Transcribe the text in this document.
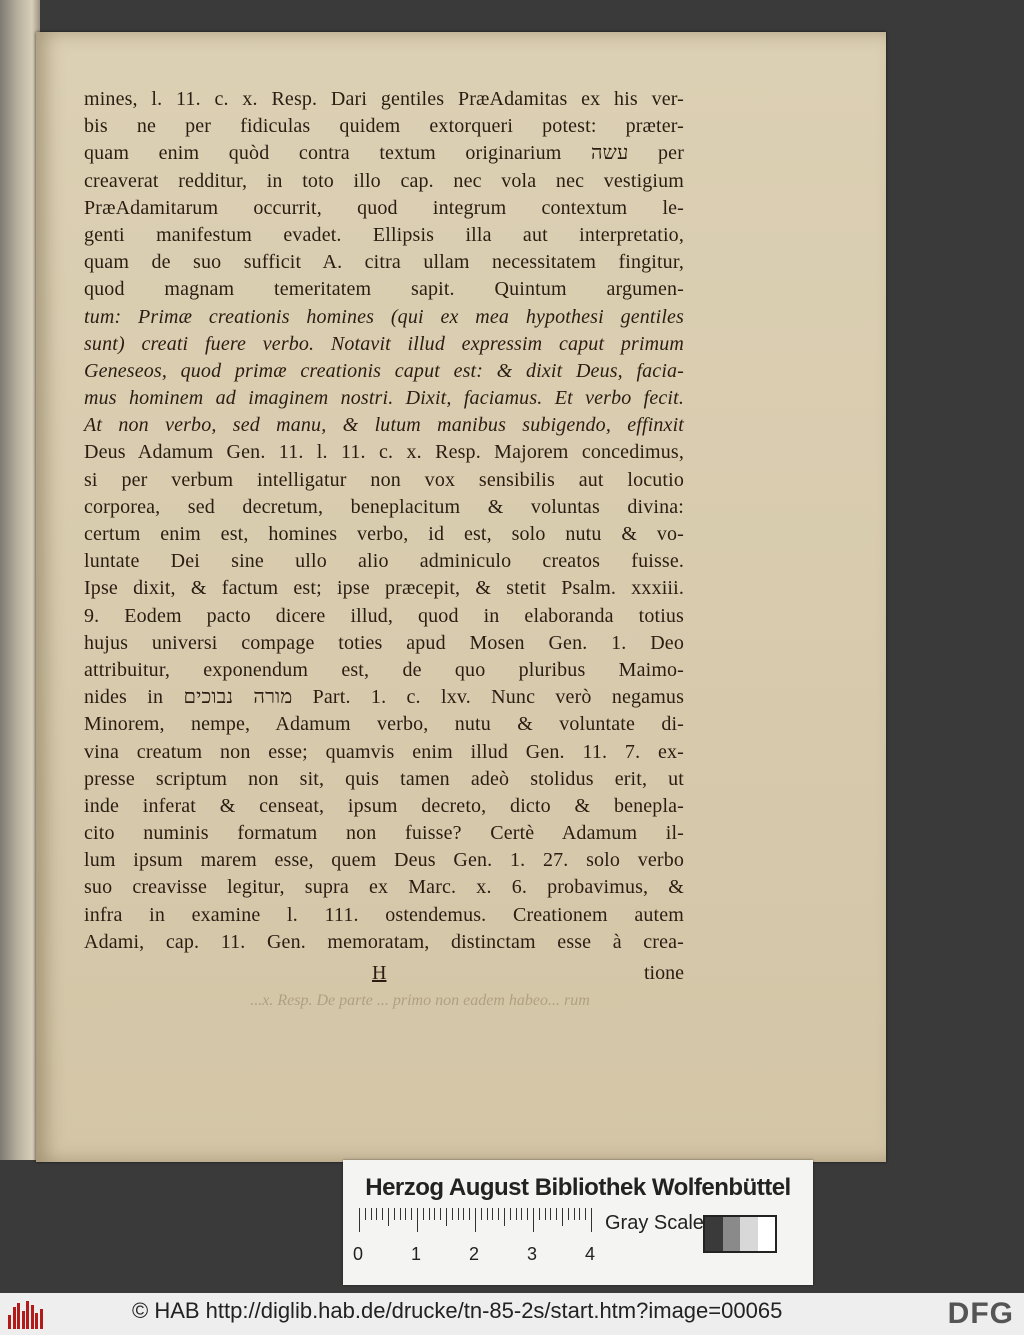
mines, l. 11. c. x. Resp. Dari gentiles PræAdamitas ex his ver-
bis ne per fidiculas quidem extorqueri potest: præter-
quam enim quòd contra textum originarium עשה per
creaverat redditur, in toto illo cap. nec vola nec vestigium
PræAdamitarum occurrit, quod integrum contextum le-
genti manifestum evadet. Ellipsis illa aut interpretatio,
quam de suo sufficit A. citra ullam necessitatem fingitur,
quod magnam temeritatem sapit. Quintum argumen-
tum: Primæ creationis homines (qui ex mea hypothesi gentiles
sunt) creati fuere verbo. Notavit illud expressim caput primum
Geneseos, quod primæ creationis caput est: & dixit Deus, facia-
mus hominem ad imaginem nostri. Dixit, faciamus. Et verbo fecit.
At non verbo, sed manu, & lutum manibus subigendo, effinxit
Deus Adamum Gen. 11. l. 11. c. x. Resp. Majorem concedimus,
si per verbum intelligatur non vox sensibilis aut locutio
corporea, sed decretum, beneplacitum & voluntas divina:
certum enim est, homines verbo, id est, solo nutu & vo-
luntate Dei sine ullo alio adminiculo creatos fuisse.
Ipse dixit, & factum est; ipse præcepit, & stetit Psalm. xxxiii.
9. Eodem pacto dicere illud, quod in elaboranda totius
hujus universi compage toties apud Mosen Gen. 1. Deo
attribuitur, exponendum est, de quo pluribus Maimo-
nides in מורה נבוכים Part. 1. c. lxv. Nunc verò negamus
Minorem, nempe, Adamum verbo, nutu & voluntate di-
vina creatum non esse; quamvis enim illud Gen. 11. 7. ex-
presse scriptum non sit, quis tamen adeò stolidus erit, ut
inde inferat & censeat, ipsum decreto, dicto & benepla-
cito numinis formatum non fuisse? Certè Adamum il-
lum ipsum marem esse, quem Deus Gen. 1. 27. solo verbo
suo creavisse legitur, supra ex Marc. x. 6. probavimus, &
infra in examine l. 111. ostendemus. Creationem autem
Adami, cap. 11. Gen. memoratam, distinctam esse à crea-
H	tione
...x. Resp. De parte ... primo non eadem habeo... rum
Herzog August Bibliothek Wolfenbüttel
0	1	2	3	4
Gray Scale
© HAB http://diglib.hab.de/drucke/tn-85-2s/start.htm?image=00065	DFG
